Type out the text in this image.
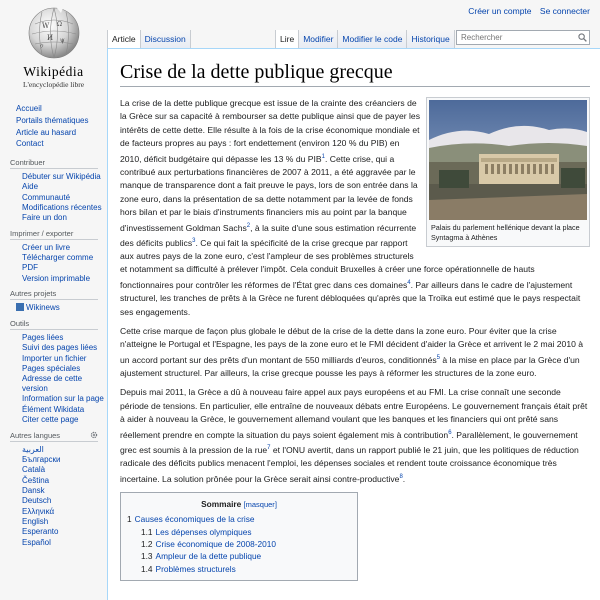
Créer un compte Se connecter
W Ω
И ψ
ウ
Wikipédia
L'encyclopédie libre
Article	Discussion	Lire	Modifier	Modifier le code	Historique
Rechercher
Accueil
Portails thématiques
Article au hasard
Contact
Contribuer
Débuter sur Wikipédia
Aide
Communauté
Modifications récentes
Faire un don
Imprimer / exporter
Créer un livre
Télécharger comme PDF
Version imprimable
Autres projets
Wikinews
Outils
Pages liées
Suivi des pages liées
Importer un fichier
Pages spéciales
Adresse de cette version
Information sur la page
Élément Wikidata
Citer cette page
Autres langues
العربية
Български
Català
Čeština
Dansk
Deutsch
Ελληνικά
English
Esperanto
Español
Crise de la dette publique grecque
Palais du parlement hellénique devant la place Syntagma à Athènes

La crise de la dette publique grecque est issue de la crainte des créanciers de la Grèce sur sa capacité à rembourser sa dette publique ainsi que de payer les intérêts de cette dette. Elle résulte à la fois de la crise économique mondiale et de facteurs propres au pays : fort endettement (environ 120 % du PIB) en 2010, déficit budgétaire qui dépasse les 13 % du PIB$^1$. Cette crise, qui a contribué aux perturbations financières de 2007 à 2011, a été aggravée par le manque de transparence dont a fait preuve le pays, lors de son entrée dans la zone euro, dans la présentation de sa dette notamment par la levée de fonds hors bilan et par le biais d'instruments financiers mis au point par la banque d'investissement Goldman Sachs$^2$, à la suite d'une sous estimation récurrente des déficits publics$^3$. Ce qui fait la spécificité de la crise grecque par rapport aux autres pays de la zone euro, c'est l'ampleur de ses problèmes structurels et notamment sa difficulté à prélever l'impôt. Cela conduit Bruxelles à créer une force opérationnelle de hauts fonctionnaires pour contrôler les réformes de l'État grec dans ces domaines$^4$. Par ailleurs dans le cadre de l'ajustement structurel, les tranches de prêts à la Grèce ne furent débloquées qu'après que la Troïka eut estimé que le pays respectait ses engagements.

Cette crise marque de façon plus globale le début de la crise de la dette dans la zone euro. Pour éviter que la crise n'atteigne le Portugal et l'Espagne, les pays de la zone euro et le FMI décident d'aider la Grèce et arrivent le 2 mai 2010 à un accord portant sur des prêts d'un montant de 550 milliards d'euros, conditionnés$^5$ à la mise en place par la Grèce d'un ajustement structurel. Par ailleurs, la crise grecque pousse les pays à réformer les structures de la zone euro.

Depuis mai 2011, la Grèce a dû à nouveau faire appel aux pays européens et au FMI. La crise connaît une seconde période de tensions. En particulier, elle entraîne de nouveaux débats entre Européens. Le gouvernement français était prêt à aider à nouveau la Grèce, le gouvernement allemand voulant que les banques et les financiers qui ont prêté sans réellement prendre en compte la situation du pays soient également mis à contribution$^6$. Parallèlement, le gouvernement grec est soumis à la pression de la rue$^7$ et l'ONU avertit, dans un rapport publié le 21 juin, que les politiques de réduction radicale des déficits publics menacent l'emploi, les dépenses sociales et rendent toute croissance économique très incertaine. La solution prônée pour la Grèce serait ainsi contre-productive$^8$.

Sommaire [masquer]
1 Causes économiques de la crise
1.1 Les dépenses olympiques
1.2 Crise économique de 2008-2010
1.3 Ampleur de la dette publique
1.4 Problèmes structurels
